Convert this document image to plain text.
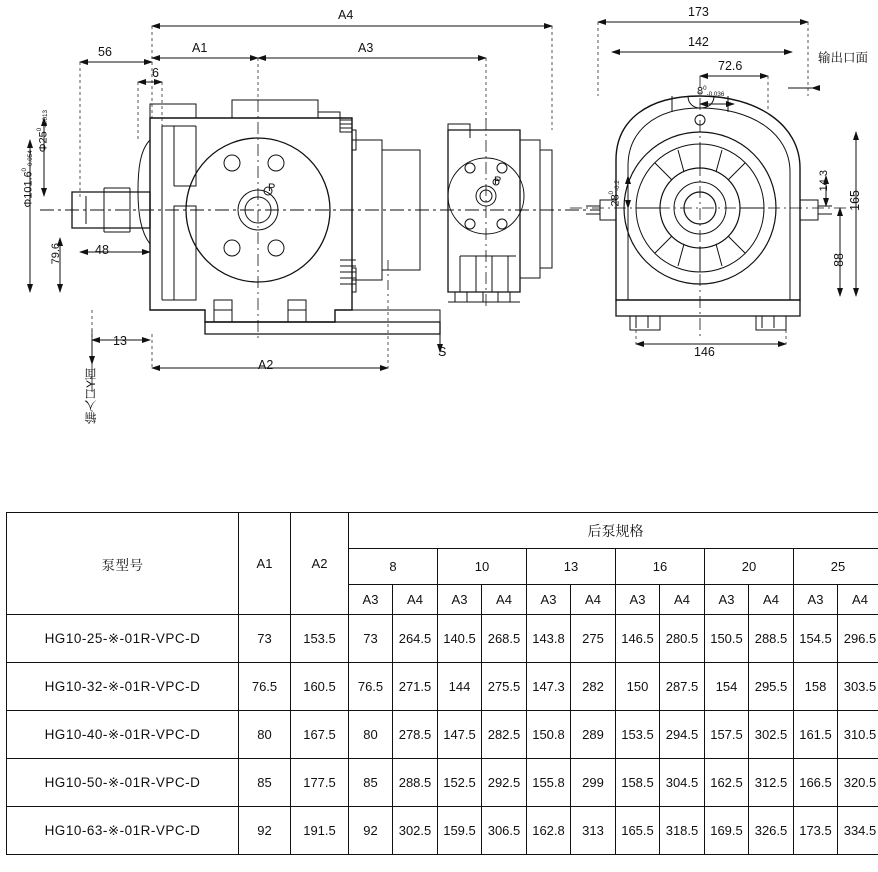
A4
A1	A3
56
6
48
13
A2
S
P
P
$\Phi 25^0_{-0.013}$
$\Phi 101.6^0_{-0.054}$
79.6
输入口Y面
173
142
72.6
$8^0_{-0.036}$
输出口面
165
88
14.3
$28^0_{-0.2}$
146
泵型号	A1	A2	后泵规格											
			8		10		13		16		20		25	
			A3	A4	A3	A4	A3	A4	A3	A4	A3	A4	A3	A4
HG10-25-※-01R-VPC-D	73	153.5	73	264.5	140.5	268.5	143.8	275	146.5	280.5	150.5	288.5	154.5	296.5
HG10-32-※-01R-VPC-D	76.5	160.5	76.5	271.5	144	275.5	147.3	282	150	287.5	154	295.5	158	303.5
HG10-40-※-01R-VPC-D	80	167.5	80	278.5	147.5	282.5	150.8	289	153.5	294.5	157.5	302.5	161.5	310.5
HG10-50-※-01R-VPC-D	85	177.5	85	288.5	152.5	292.5	155.8	299	158.5	304.5	162.5	312.5	166.5	320.5
HG10-63-※-01R-VPC-D	92	191.5	92	302.5	159.5	306.5	162.8	313	165.5	318.5	169.5	326.5	173.5	334.5
